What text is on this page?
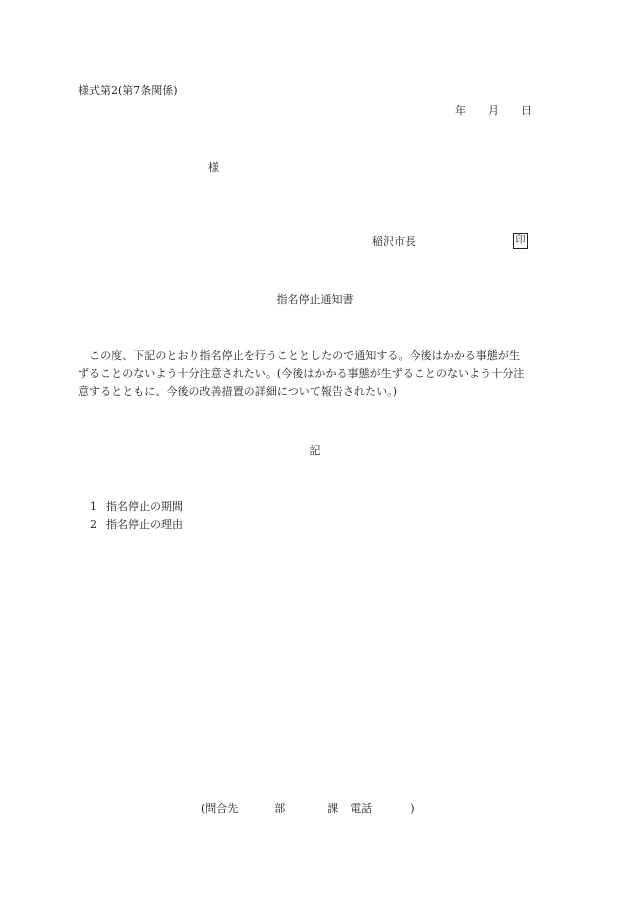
様式第2(第7条関係)
年 月 日
様
稲沢市長	印
指名停止通知書
　この度、下記のとおり指名停止を行うこととしたので通知する。今後はかかる事態が生
ずることのないよう十分注意されたい。(今後はかかる事態が生ずることのないよう十分注
意するとともに、今後の改善措置の詳細について報告されたい。)
記
1 指名停止の期間
2 指名停止の理由
(問合先	部	課 電話	)
